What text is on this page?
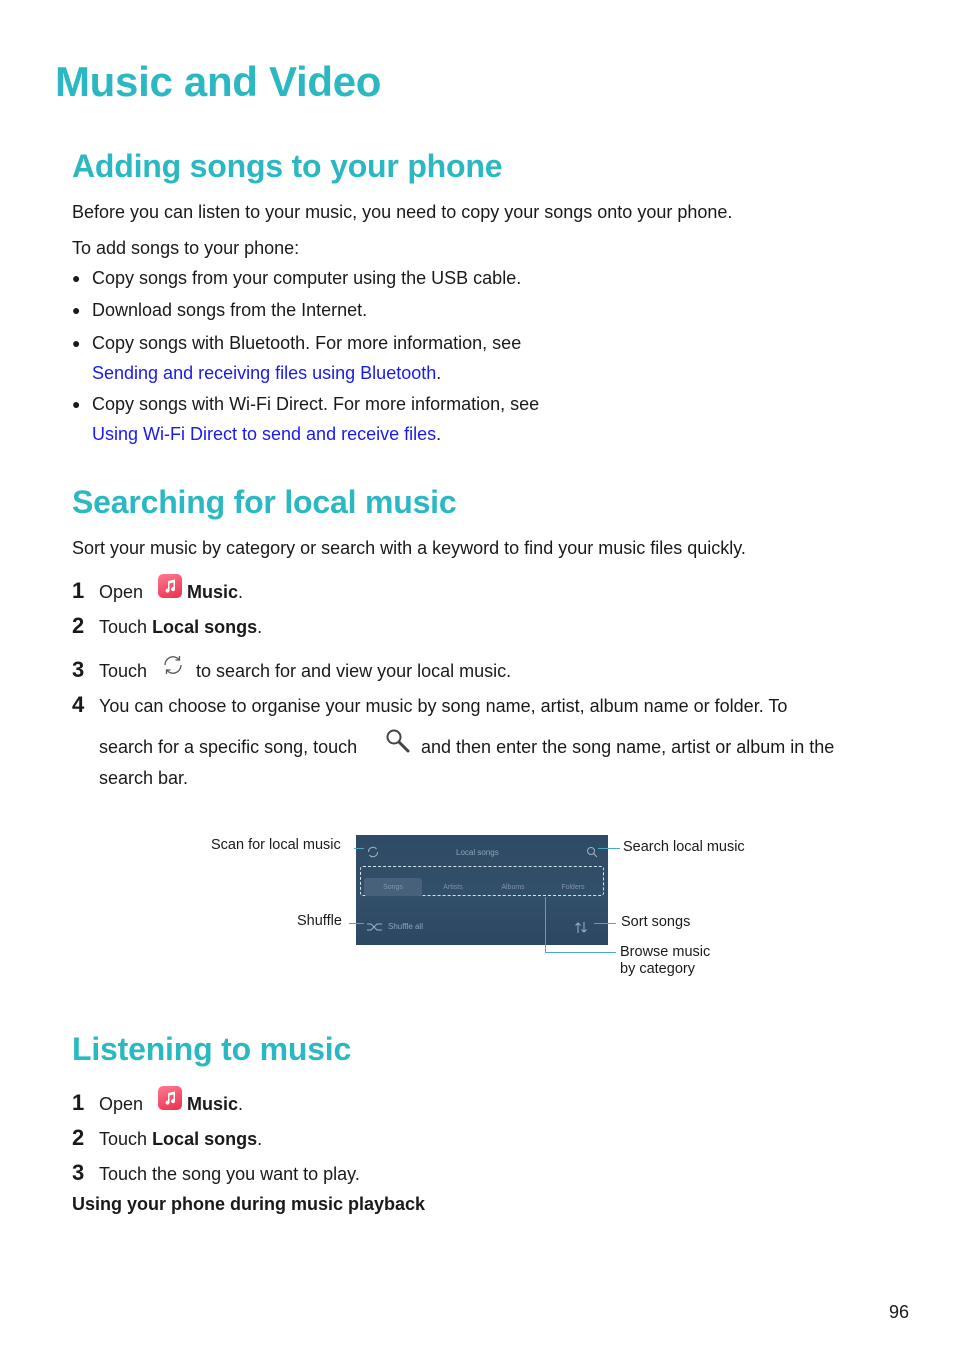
Music and Video
Adding songs to your phone
Before you can listen to your music, you need to copy your songs onto your phone.
To add songs to your phone:
● Copy songs from your computer using the USB cable.
● Download songs from the Internet.
● Copy songs with Bluetooth. For more information, see
Sending and receiving files using Bluetooth.
● Copy songs with Wi-Fi Direct. For more information, see
Using Wi-Fi Direct to send and receive files.
Searching for local music
Sort your music by category or search with a keyword to find your music files quickly.
1 Open Music.
2 Touch Local songs.
3 Touch	to search for and view your local music.
4 You can choose to organise your music by song name, artist, album name or folder. To
search for a specific song, touch	and then enter the song name, artist or album in the
search bar.
Local songs
Songs	Artists	Albums	Folders
Shuffle all
Scan for local music	Search local music
Shuffle	Sort songs
Browse music
by category
Listening to music
1 Open Music.
2 Touch Local songs.
3 Touch the song you want to play.
Using your phone during music playback
96
